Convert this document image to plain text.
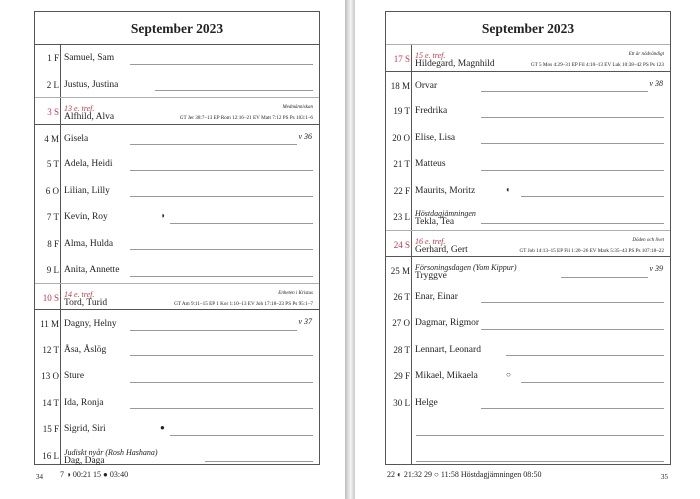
September 2023
1 F Samuel, Sam
2 L Justus, Justina
3 S 13 e. tref.
Alfhild, Alva
Medmänniskan
GT Jer 38:7–13 EP Rom 12:16–21 EV Matt 7:12 PS Ps 103:1–6
4 M Gisela	v 36
5 T Adela, Heidi
6 O Lilian, Lilly
7 T Kevin, Roy	◑
8 F Alma, Hulda
9 L Anita, Annette
10 S 14 e. tref.
Tord, Turid
Enheten i Kristus
GT Am 9:11–15 EP 1 Kor 1:10–13 EV Joh 17:18–23 PS Ps 95:1–7
11 M Dagny, Helny	v 37
12 T Åsa, Åslög
13 O Sture
14 T Ida, Ronja
15 F Sigrid, Siri	●
16 L Judiskt nyår (Rosh Hashana)
Dag, Daga
34 7 ◑ 00:21 15 ● 03:40
September 2023
17 S 15 e. tref.
Hildegard, Magnhild
Ett är nödvändigt
GT 5 Mos 4:29–31 EP Fil 4:10–13 EV Luk 10:38–42 PS Ps 123
18 M Orvar	v 38
19 T Fredrika
20 O Elise, Lisa
21 T Matteus
22 F Maurits, Moritz	◐
23 L Höstdagjämningen
Tekla, Tea
24 S 16 e. tref.
Gerhard, Gert
Döden och livet
GT Job 14:13–15 EP Fil 1:20–26 EV Mark 5:35–43 PS Ps 107:18–22
25 M Försoningsdagen (Yom Kippur)
Tryggve
v 39
26 T Enar, Einar
27 O Dagmar, Rigmor
28 T Lennart, Leonard
29 F Mikael, Mikaela	○
30 L Helge
35
22 ◐ 21:32 29 ○ 11:58 Höstdagjämningen 08:50
